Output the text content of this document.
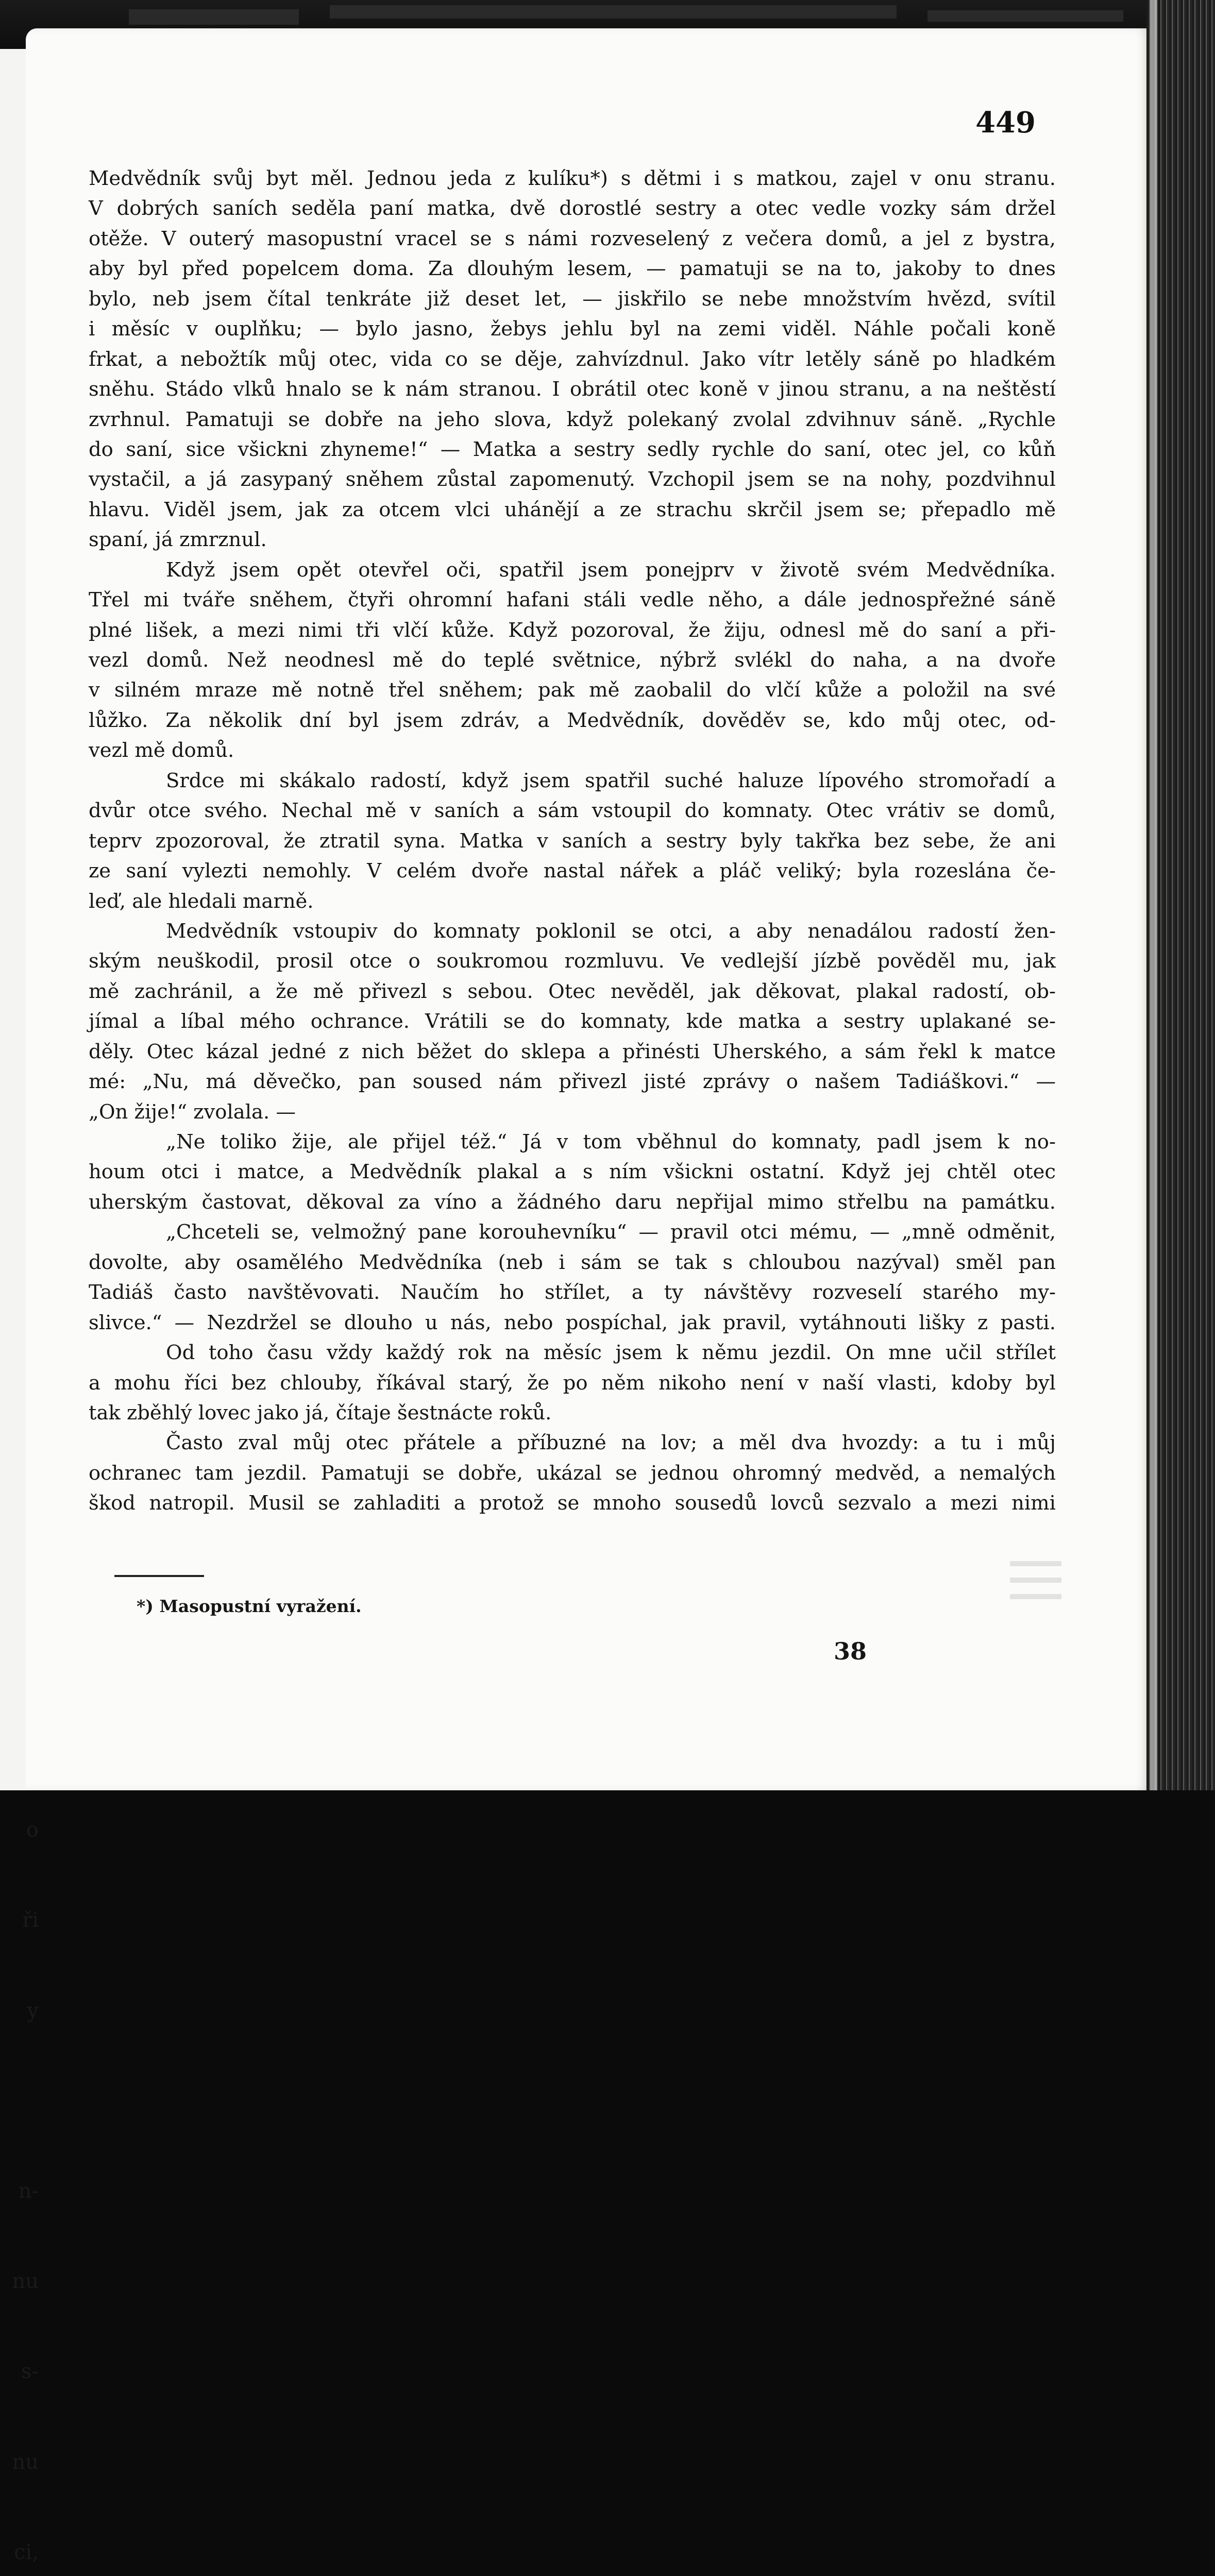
o

ři

y

n-

nu

s-

nu

ci,

449
Medvědník svůj byt měl. Jednou jeda z kulíku*) s dětmi i s matkou, zajel v onu stranu.
V dobrých saních seděla paní matka, dvě dorostlé sestry a otec vedle vozky sám držel
otěže. V outerý masopustní vracel se s námi rozveselený z večera domů, a jel z bystra,
aby byl před popelcem doma. Za dlouhým lesem, — pamatuji se na to, jakoby to dnes
bylo, neb jsem čítal tenkráte již deset let, — jiskřilo se nebe množstvím hvězd, svítil
i měsíc v ouplňku; — bylo jasno, žebys jehlu byl na zemi viděl. Náhle počali koně
frkat, a nebožtík můj otec, vida co se děje, zahvízdnul. Jako vítr letěly sáně po hladkém
sněhu. Stádo vlků hnalo se k nám stranou. I obrátil otec koně v jinou stranu, a na neštěstí
zvrhnul. Pamatuji se dobře na jeho slova, když polekaný zvolal zdvihnuv sáně. „Rychle
do saní, sice všickni zhyneme!“ — Matka a sestry sedly rychle do saní, otec jel, co kůň
vystačil, a já zasypaný sněhem zůstal zapomenutý. Vzchopil jsem se na nohy, pozdvihnul
hlavu. Viděl jsem, jak za otcem vlci uhánějí a ze strachu skrčil jsem se; přepadlo mě
spaní, já zmrznul.
Když jsem opět otevřel oči, spatřil jsem ponejprv v životě svém Medvědníka.
Třel mi tváře sněhem, čtyři ohromní hafani stáli vedle něho, a dále jednospřežné sáně
plné lišek, a mezi nimi tři vlčí kůže. Když pozoroval, že žiju, odnesl mě do saní a při-
vezl domů. Než neodnesl mě do teplé světnice, nýbrž svlékl do naha, a na dvoře
v silném mraze mě notně třel sněhem; pak mě zaobalil do vlčí kůže a položil na své
lůžko. Za několik dní byl jsem zdráv, a Medvědník, dověděv se, kdo můj otec, od-
vezl mě domů.
Srdce mi skákalo radostí, když jsem spatřil suché haluze lípového stromořadí a
dvůr otce svého. Nechal mě v saních a sám vstoupil do komnaty. Otec vrátiv se domů,
teprv zpozoroval, že ztratil syna. Matka v saních a sestry byly takřka bez sebe, že ani
ze saní vylezti nemohly. V celém dvoře nastal nářek a pláč veliký; byla rozeslána če-
leď, ale hledali marně.
Medvědník vstoupiv do komnaty poklonil se otci, a aby nenadálou radostí žen-
ským neuškodil, prosil otce o soukromou rozmluvu. Ve vedlejší jízbě pověděl mu, jak
mě zachránil, a že mě přivezl s sebou. Otec nevěděl, jak děkovat, plakal radostí, ob-
jímal a líbal mého ochrance. Vrátili se do komnaty, kde matka a sestry uplakané se-
děly. Otec kázal jedné z nich běžet do sklepa a přinésti Uherského, a sám řekl k matce
mé: „Nu, má děvečko, pan soused nám přivezl jisté zprávy o našem Tadiáškovi.“ —
„On žije!“ zvolala. —
„Ne toliko žije, ale přijel též.“ Já v tom vběhnul do komnaty, padl jsem k no-
houm otci i matce, a Medvědník plakal a s ním všickni ostatní. Když jej chtěl otec
uherským častovat, děkoval za víno a žádného daru nepřijal mimo střelbu na památku.
„Chceteli se, velmožný pane korouhevníku“ — pravil otci mému, — „mně odměnit,
dovolte, aby osamělého Medvědníka (neb i sám se tak s chloubou nazýval) směl pan
Tadiáš často navštěvovati. Naučím ho střílet, a ty návštěvy rozveselí starého my-
slivce.“ — Nezdržel se dlouho u nás, nebo pospíchal, jak pravil, vytáhnouti lišky z pasti.
Od toho času vždy každý rok na měsíc jsem k němu jezdil. On mne učil střílet
a mohu říci bez chlouby, říkával starý, že po něm nikoho není v naší vlasti, kdoby byl
tak zběhlý lovec jako já, čítaje šestnácte roků.
Často zval můj otec přátele a příbuzné na lov; a měl dva hvozdy: a tu i můj
ochranec tam jezdil. Pamatuji se dobře, ukázal se jednou ohromný medvěd, a nemalých
škod natropil. Musil se zahladiti a protož se mnoho sousedů lovců sezvalo a mezi nimi
*) Masopustní vyražení.
38
